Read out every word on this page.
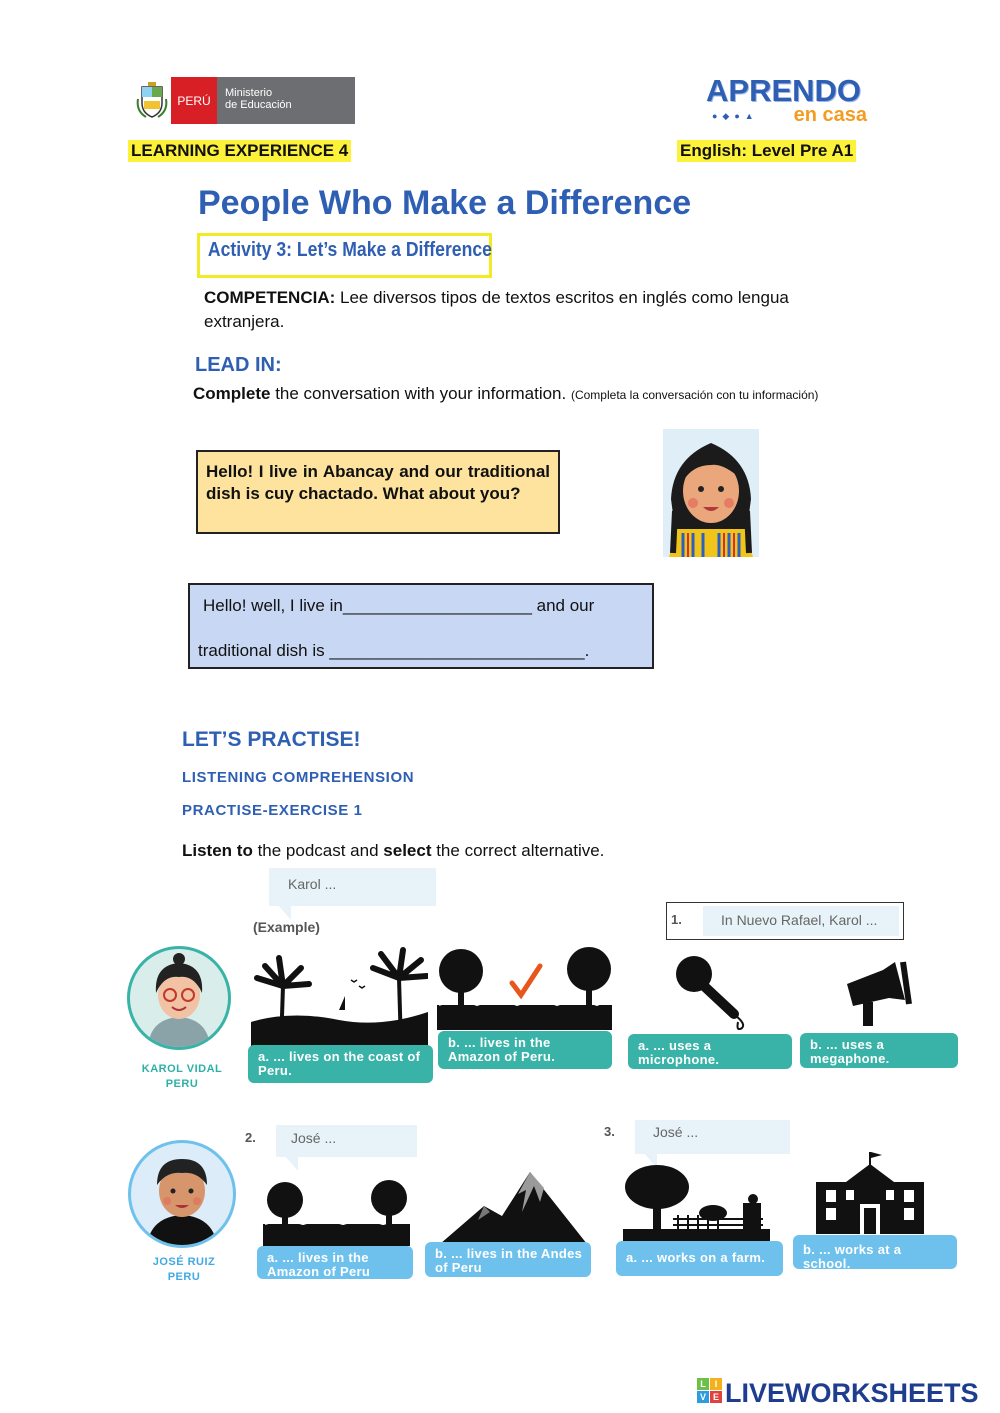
PERÚ
Ministerio
de Educación	APRENDO
●◆●▲ en casa
LEARNING EXPERIENCE 4	English: Level Pre A1
People Who Make a Difference
Activity 3: Let’s Make a Difference

COMPETENCIA: Lee diversos tipos de textos escritos en inglés como lengua extranjera.

LEAD IN:

Complete the conversation with your information. (Completa la conversación con tu información)

Hello! I live in Abancay and our traditional dish is cuy chactado. What about you?
Hello! well, I live in____________________ and our
traditional dish is ___________________________.
LET’S PRACTISE!
LISTENING COMPREHENSION
PRACTISE-EXERCISE 1

Listen to the podcast and select the correct alternative.

Karol ...
(Example)	1.	In Nuevo Rafael, Karol ...
KAROL VIDAL
PERU
a. ... lives on the coast of Peru.
b. ... lives in the Amazon of Peru.
a. ... uses a microphone.
b. ... uses a megaphone.
2.	José ...	3.	José ...
JOSÉ RUIZ
PERU
a. ... lives in the Amazon of Peru
b. ... lives in the Andes of Peru
a. ... works on a farm.
b. ... works at a school.
L I
V E LIVEWORKSHEETS
